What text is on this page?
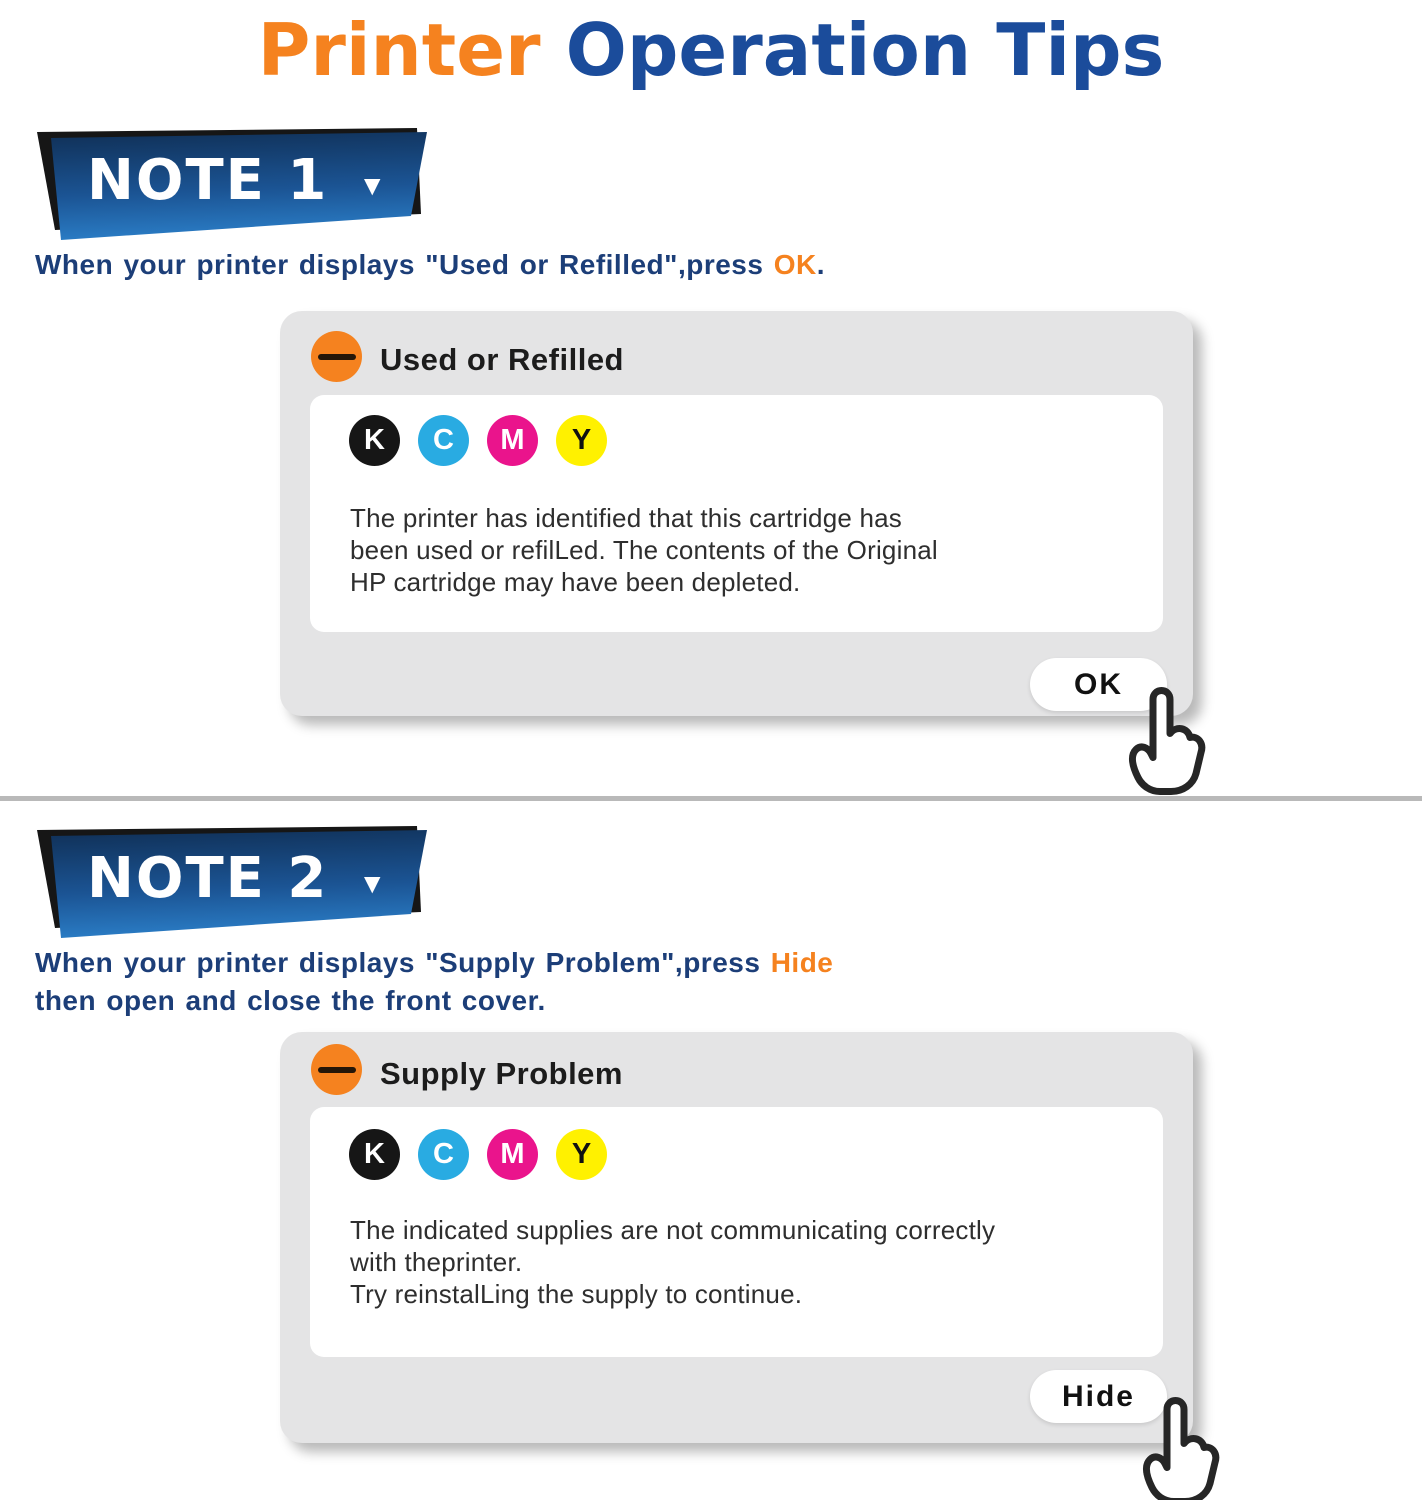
Printer Operation Tips
NOTE 1 ▼

When your printer displays "Used or Refilled",press OK.

Used or Refilled
K C M Y
The printer has identified that this cartridge has
been used or refilLed. The contents of the Original
HP cartridge may have been depleted.
OK
NOTE 2 ▼

When your printer displays "Supply Problem",press Hide
then open and close the front cover.

Supply Problem
K C M Y
The indicated supplies are not communicating correctly
with theprinter.
Try reinstalLing the supply to continue.
Hide
